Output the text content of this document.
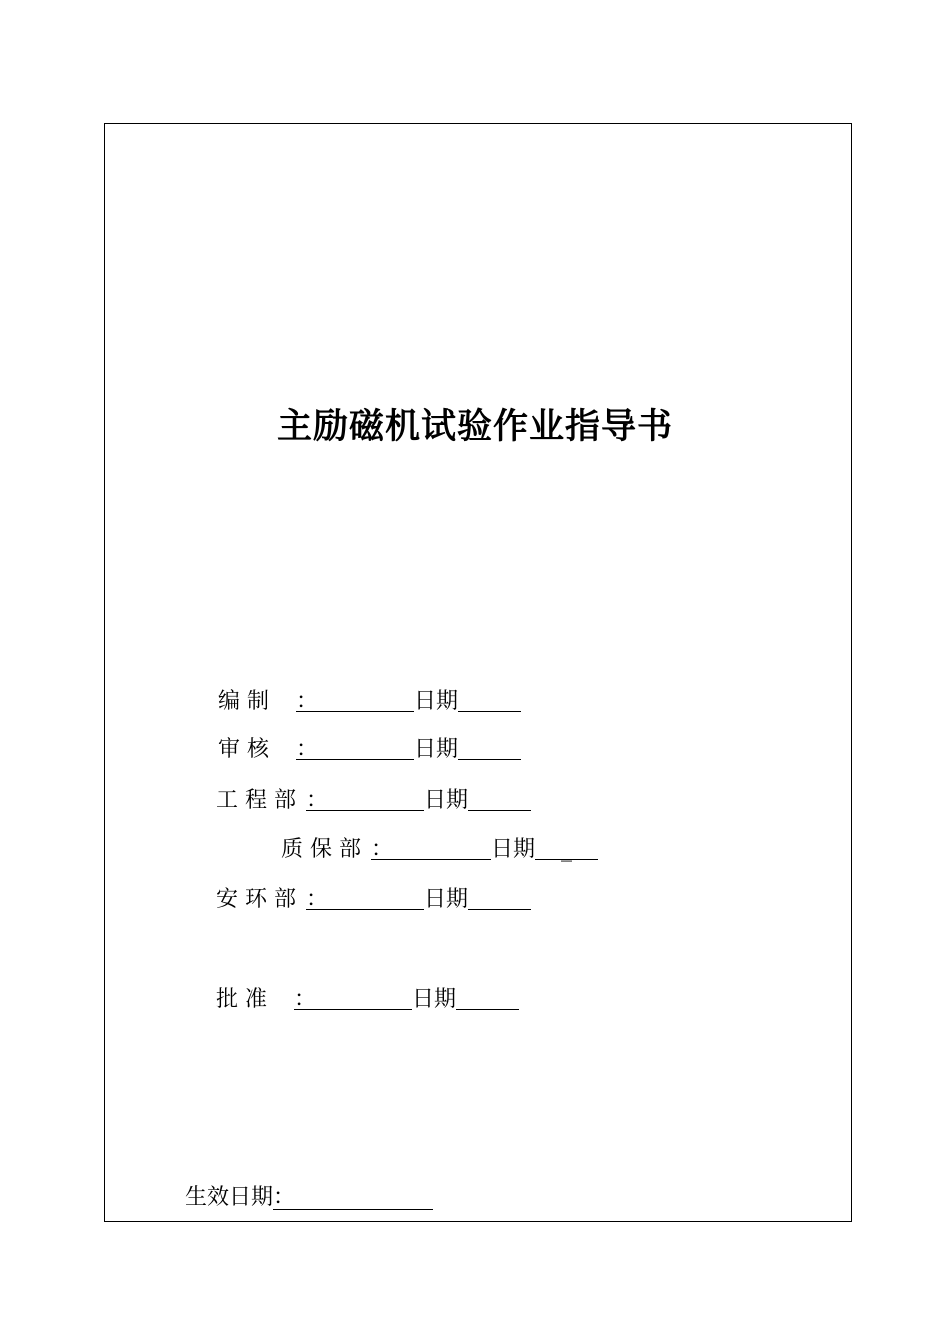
主励磁机试验作业指导书
编 制 ：	日期
审 核 ：	日期
工 程 部 ：	日期
质 保 部 ：	日期 _
安 环 部 ：	日期
批 准 ：	日期
生效日期：
